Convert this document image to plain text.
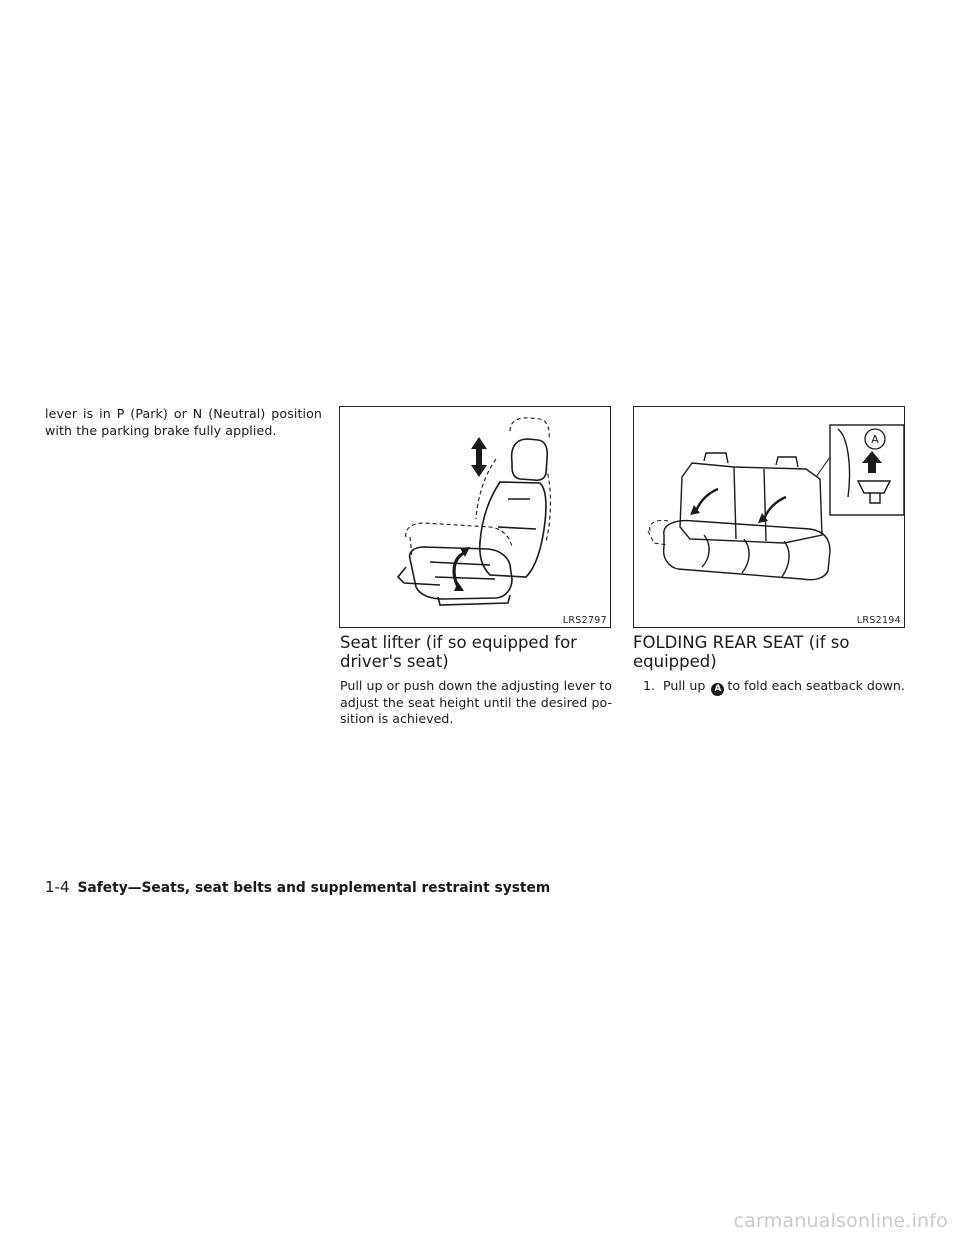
lever is in P (Park) or N (Neutral) position with the parking brake fully applied.
LRS2797
A
LRS2194
Seat lifter (if so equipped for driver's seat)
Pull up or push down the adjusting lever to adjust the seat height until the desired po- sition is achieved.
FOLDING REAR SEAT (if so equipped)
1. Pull up A to fold each seatback down.
1-4 Safety—Seats, seat belts and supplemental restraint system
carmanualsonline.info
